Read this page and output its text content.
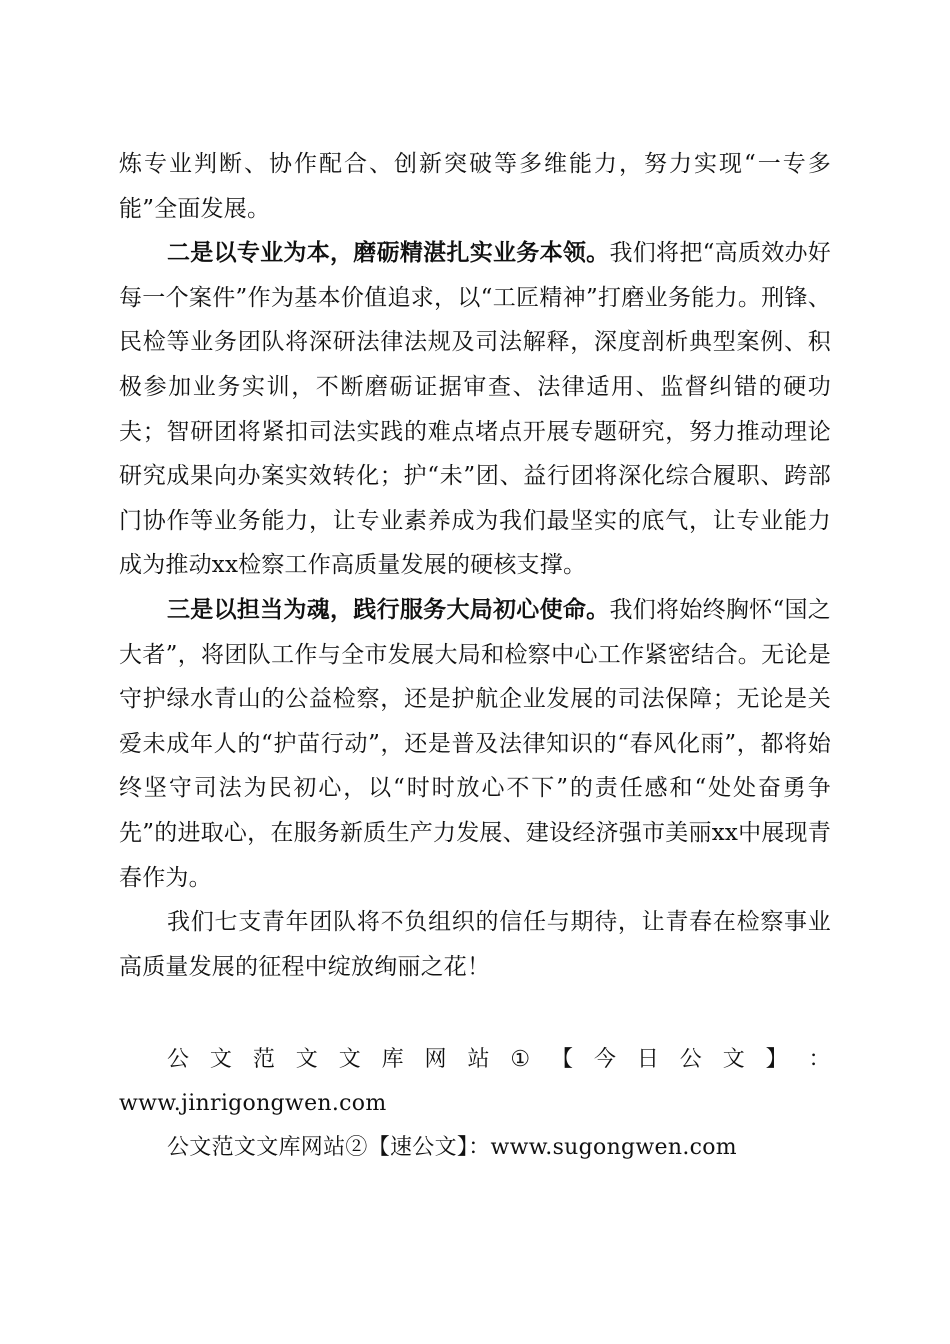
炼专业判断、协作配合、创新突破等多维能力，努力实现“一专多能”全面发展。

二是以专业为本，磨砺精湛扎实业务本领。我们将把“高质效办好每一个案件”作为基本价值追求，以“工匠精神”打磨业务能力。刑锋、民检等业务团队将深研法律法规及司法解释，深度剖析典型案例、积极参加业务实训，不断磨砺证据审查、法律适用、监督纠错的硬功夫；智研团将紧扣司法实践的难点堵点开展专题研究，努力推动理论研究成果向办案实效转化；护“未”团、益行团将深化综合履职、跨部门协作等业务能力，让专业素养成为我们最坚实的底气，让专业能力成为推动xx检察工作高质量发展的硬核支撑。

三是以担当为魂，践行服务大局初心使命。我们将始终胸怀“国之大者”，将团队工作与全市发展大局和检察中心工作紧密结合。无论是守护绿水青山的公益检察，还是护航企业发展的司法保障；无论是关爱未成年人的“护苗行动”，还是普及法律知识的“春风化雨”，都将始终坚守司法为民初心，以“时时放心不下”的责任感和“处处奋勇争先”的进取心，在服务新质生产力发展、建设经济强市美丽xx中展现青春作为。

我们七支青年团队将不负组织的信任与期待，让青春在检察事业高质量发展的征程中绽放绚丽之花！

公 文 范 文 文 库 网 站 ① 【 今 日 公 文 】 ：
www.jinrigongwen.com
公文范文文库网站②【速公文】：www.sugongwen.com
